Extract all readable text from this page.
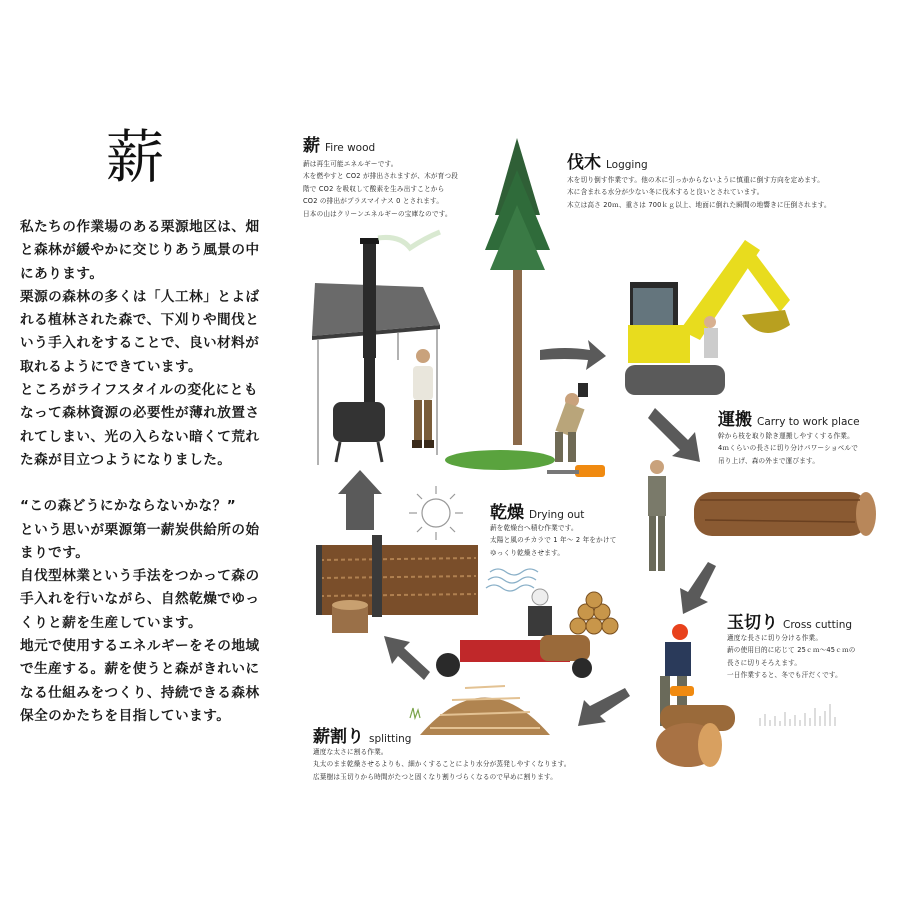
薪

私たちの作業場のある栗源地区は、畑

と森林が緩やかに交じりあう風景の中

にあります。

栗源の森林の多くは「人工林」とよば

れる植林された森で、下刈りや間伐と

いう手入れをすることで、良い材料が

取れるようにできています。

ところがライフスタイルの変化にとも

なって森林資源の必要性が薄れ放置さ

れてしまい、光の入らない暗くて荒れ

た森が目立つようになりました。

“この森どうにかならないかな？”

という思いが栗源第一薪炭供給所の始

まりです。

自伐型林業という手法をつかって森の

手入れを行いながら、自然乾燥でゆっ

くりと薪を生産しています。

地元で使用するエネルギーをその地域

で生産する。薪を使うと森がきれいに

なる仕組みをつくり、持続できる森林

保全のかたちを目指しています。

薪 Fire wood
薪は再生可能エネルギーです。
木を燃やすと CO2 が排出されますが、木が育つ段
階で CO2 を吸収して酸素を生み出すことから
CO2 の排出がプラスマイナス 0 とされます。
日本の山はクリーンエネルギーの宝庫なのです。
伐木 Logging
木を切り倒す作業です。他の木に引っかからないように慎重に倒す方向を定めます。
木に含まれる水分が少ない冬に伐木すると良いとされています。
木立は高さ 20ｍ、重さは 700ｋｇ以上、地面に倒れた瞬間の地響きに圧倒されます。
運搬 Carry to work place
幹から枝を取り除き運搬しやすくする作業。
4ｍくらいの長さに切り分けパワーショベルで
吊り上げ、森の外まで運びます。
玉切り Cross cutting
適度な長さに切り分ける作業。
薪の使用目的に応じて 25ｃｍ〜45ｃｍの
長さに切りそろえます。
一日作業すると、冬でも汗だくです。
薪割り splitting
適度な太さに割る作業。
丸太のまま乾燥させるよりも、細かくすることにより水分が蒸発しやすくなります。
広葉樹は玉切りから時間がたつと固くなり割りづらくなるので早めに割ります。
乾燥 Drying out
薪を乾燥台へ積む作業です。
太陽と風のチカラで 1 年〜 2 年をかけて
ゆっくり乾燥させます。
